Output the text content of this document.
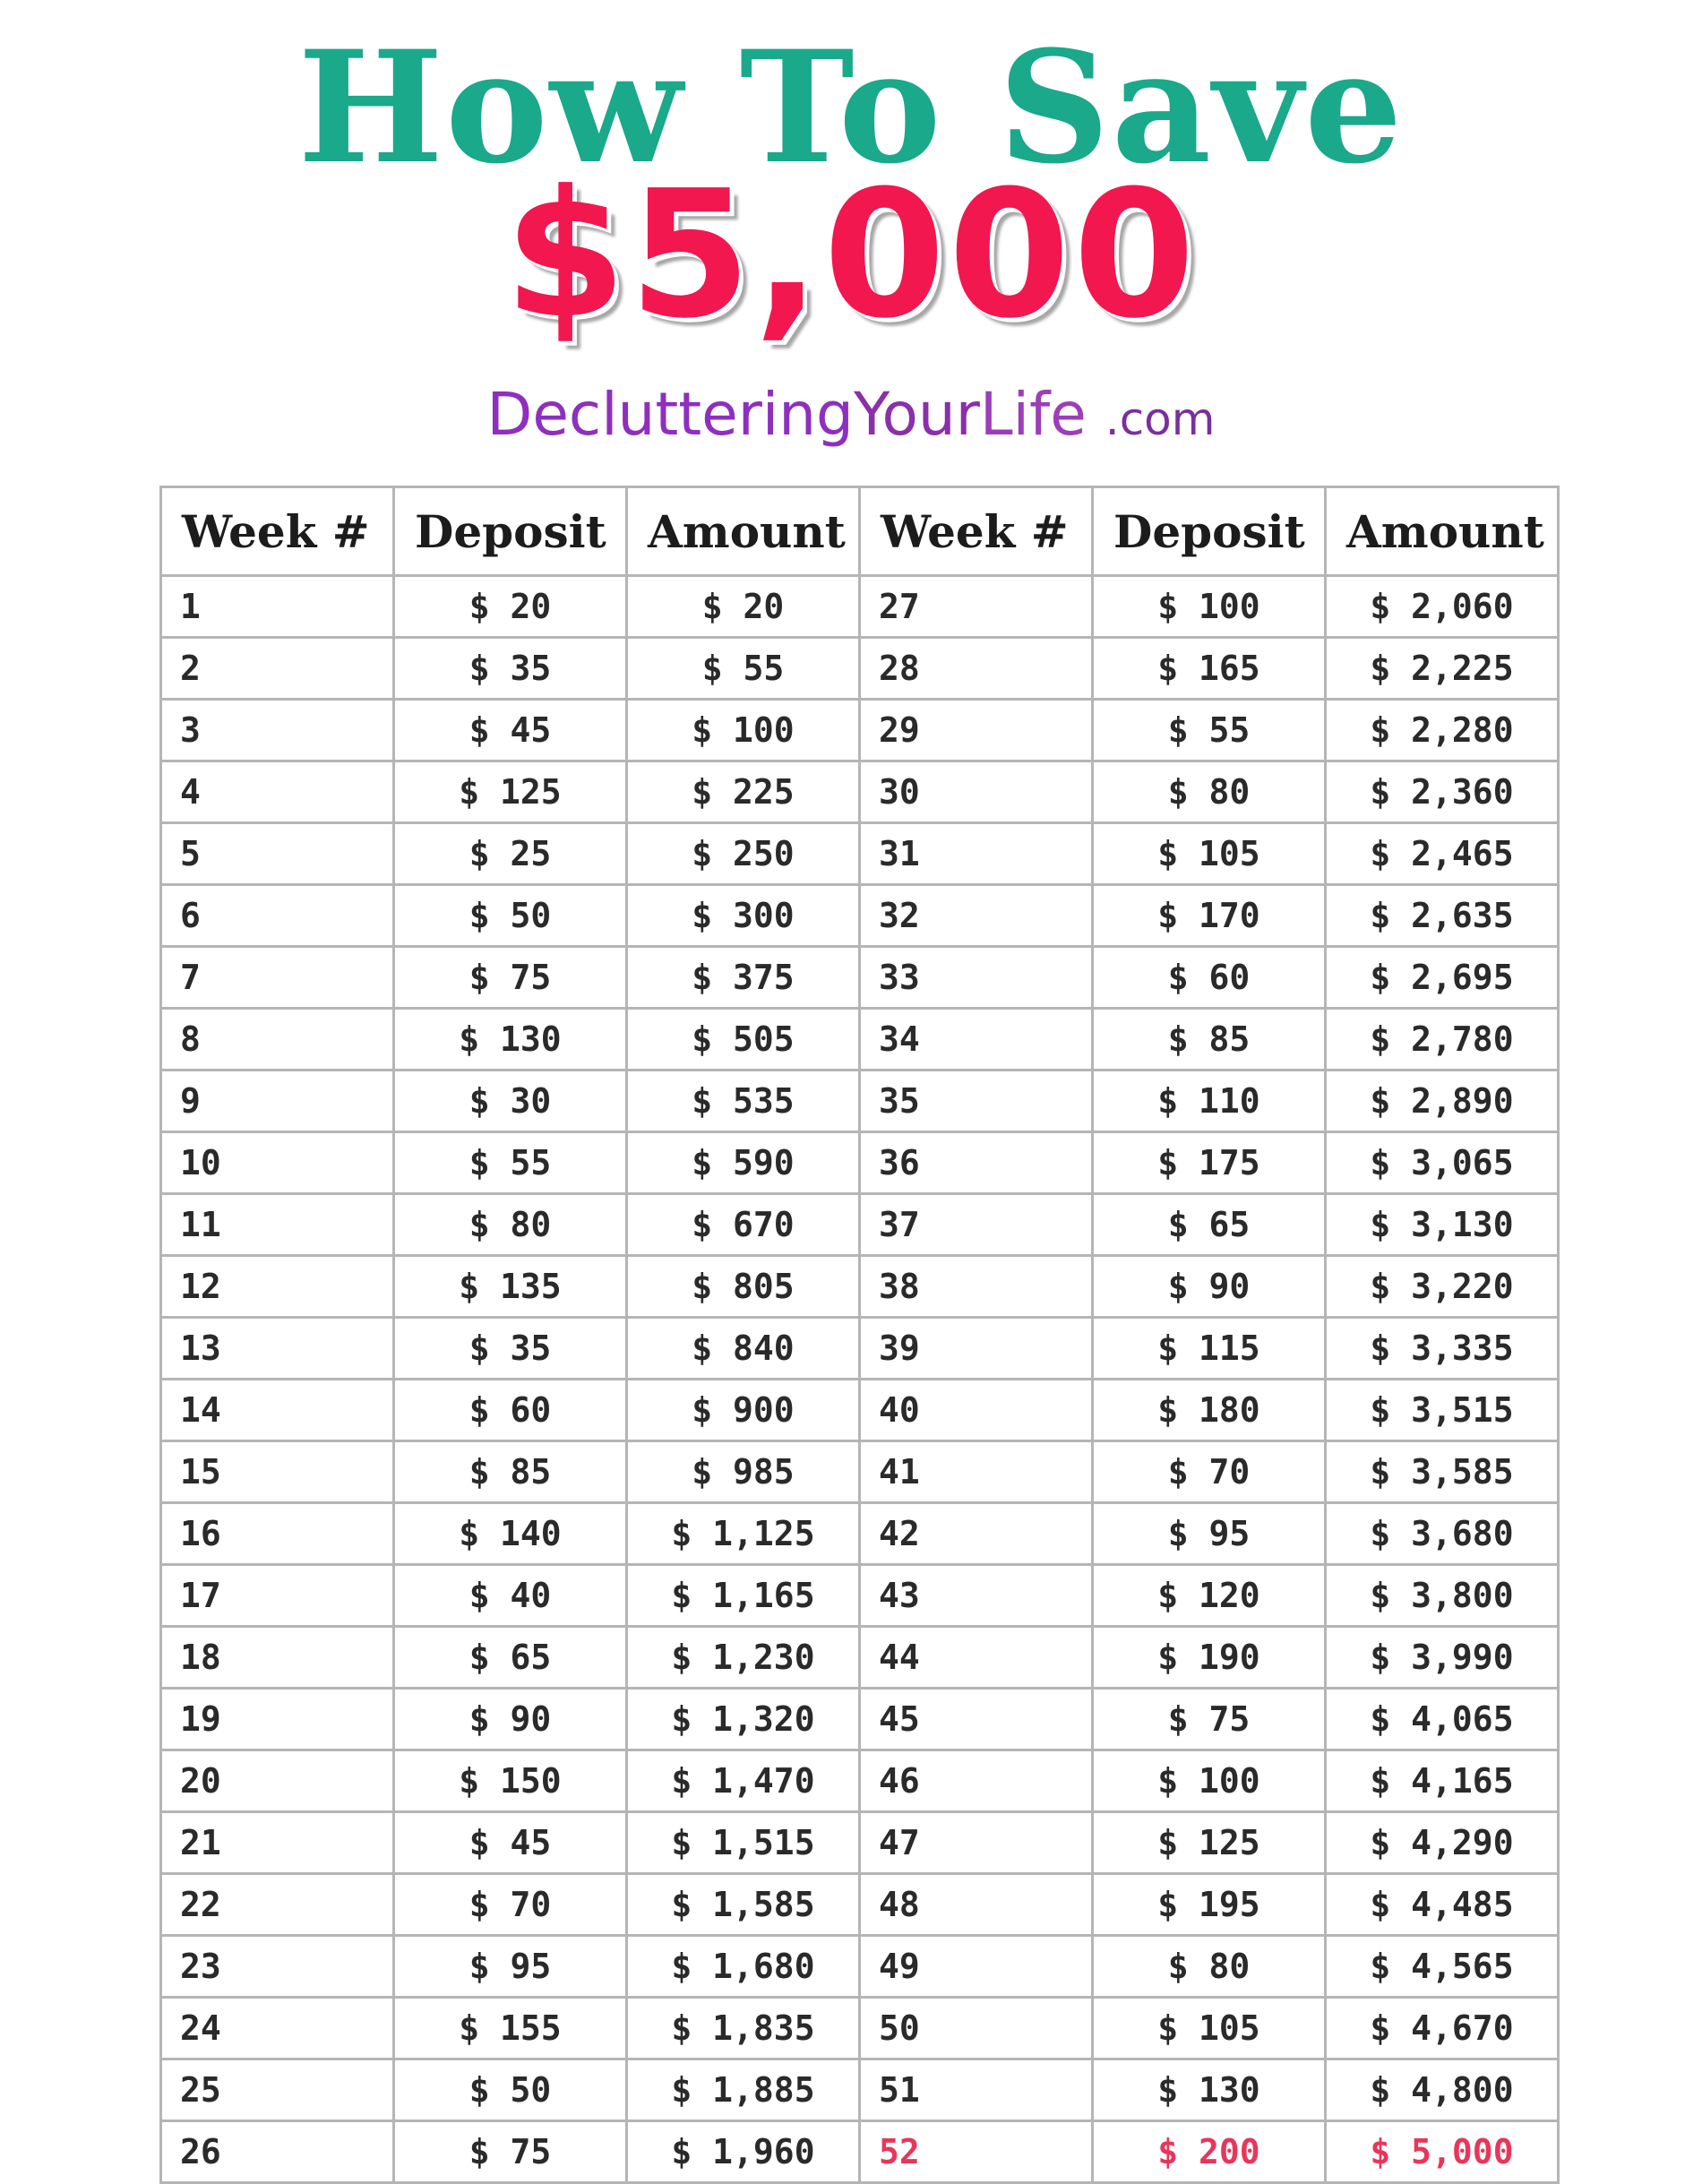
How To Save
$5,000
DeclutteringYourLife .com
Week #	Deposit	Amount	Week #	Deposit	Amount
1	$ 20	$ 20	27	$ 100	$ 2,060
2	$ 35	$ 55	28	$ 165	$ 2,225
3	$ 45	$ 100	29	$ 55	$ 2,280
4	$ 125	$ 225	30	$ 80	$ 2,360
5	$ 25	$ 250	31	$ 105	$ 2,465
6	$ 50	$ 300	32	$ 170	$ 2,635
7	$ 75	$ 375	33	$ 60	$ 2,695
8	$ 130	$ 505	34	$ 85	$ 2,780
9	$ 30	$ 535	35	$ 110	$ 2,890
10	$ 55	$ 590	36	$ 175	$ 3,065
11	$ 80	$ 670	37	$ 65	$ 3,130
12	$ 135	$ 805	38	$ 90	$ 3,220
13	$ 35	$ 840	39	$ 115	$ 3,335
14	$ 60	$ 900	40	$ 180	$ 3,515
15	$ 85	$ 985	41	$ 70	$ 3,585
16	$ 140	$ 1,125	42	$ 95	$ 3,680
17	$ 40	$ 1,165	43	$ 120	$ 3,800
18	$ 65	$ 1,230	44	$ 190	$ 3,990
19	$ 90	$ 1,320	45	$ 75	$ 4,065
20	$ 150	$ 1,470	46	$ 100	$ 4,165
21	$ 45	$ 1,515	47	$ 125	$ 4,290
22	$ 70	$ 1,585	48	$ 195	$ 4,485
23	$ 95	$ 1,680	49	$ 80	$ 4,565
24	$ 155	$ 1,835	50	$ 105	$ 4,670
25	$ 50	$ 1,885	51	$ 130	$ 4,800
26	$ 75	$ 1,960	52	$ 200	$ 5,000
